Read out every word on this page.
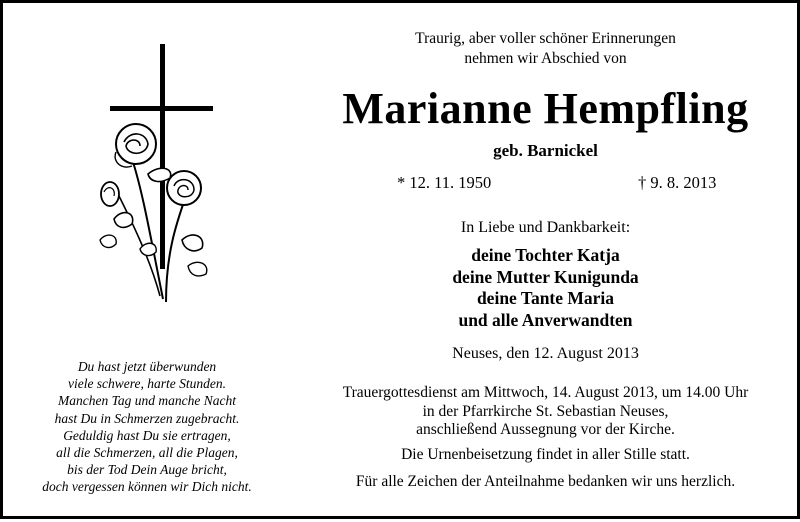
Du hast jetzt überwunden
viele schwere, harte Stunden.
Manchen Tag und manche Nacht
hast Du in Schmerzen zugebracht.
Geduldig hast Du sie ertragen,
all die Schmerzen, all die Plagen,
bis der Tod Dein Auge bricht,
doch vergessen können wir Dich nicht.
Traurig, aber voller schöner Erinnerungen
nehmen wir Abschied von
Marianne Hempfling
geb. Barnickel
* 12. 11. 1950	† 9. 8. 2013
In Liebe und Dankbarkeit:
deine Tochter Katja
deine Mutter Kunigunda
deine Tante Maria
und alle Anverwandten
Neuses, den 12. August 2013
Trauergottesdienst am Mittwoch, 14. August 2013, um 14.00 Uhr
in der Pfarrkirche St. Sebastian Neuses,
anschließend Aussegnung vor der Kirche.
Die Urnenbeisetzung findet in aller Stille statt.
Für alle Zeichen der Anteilnahme bedanken wir uns herzlich.
